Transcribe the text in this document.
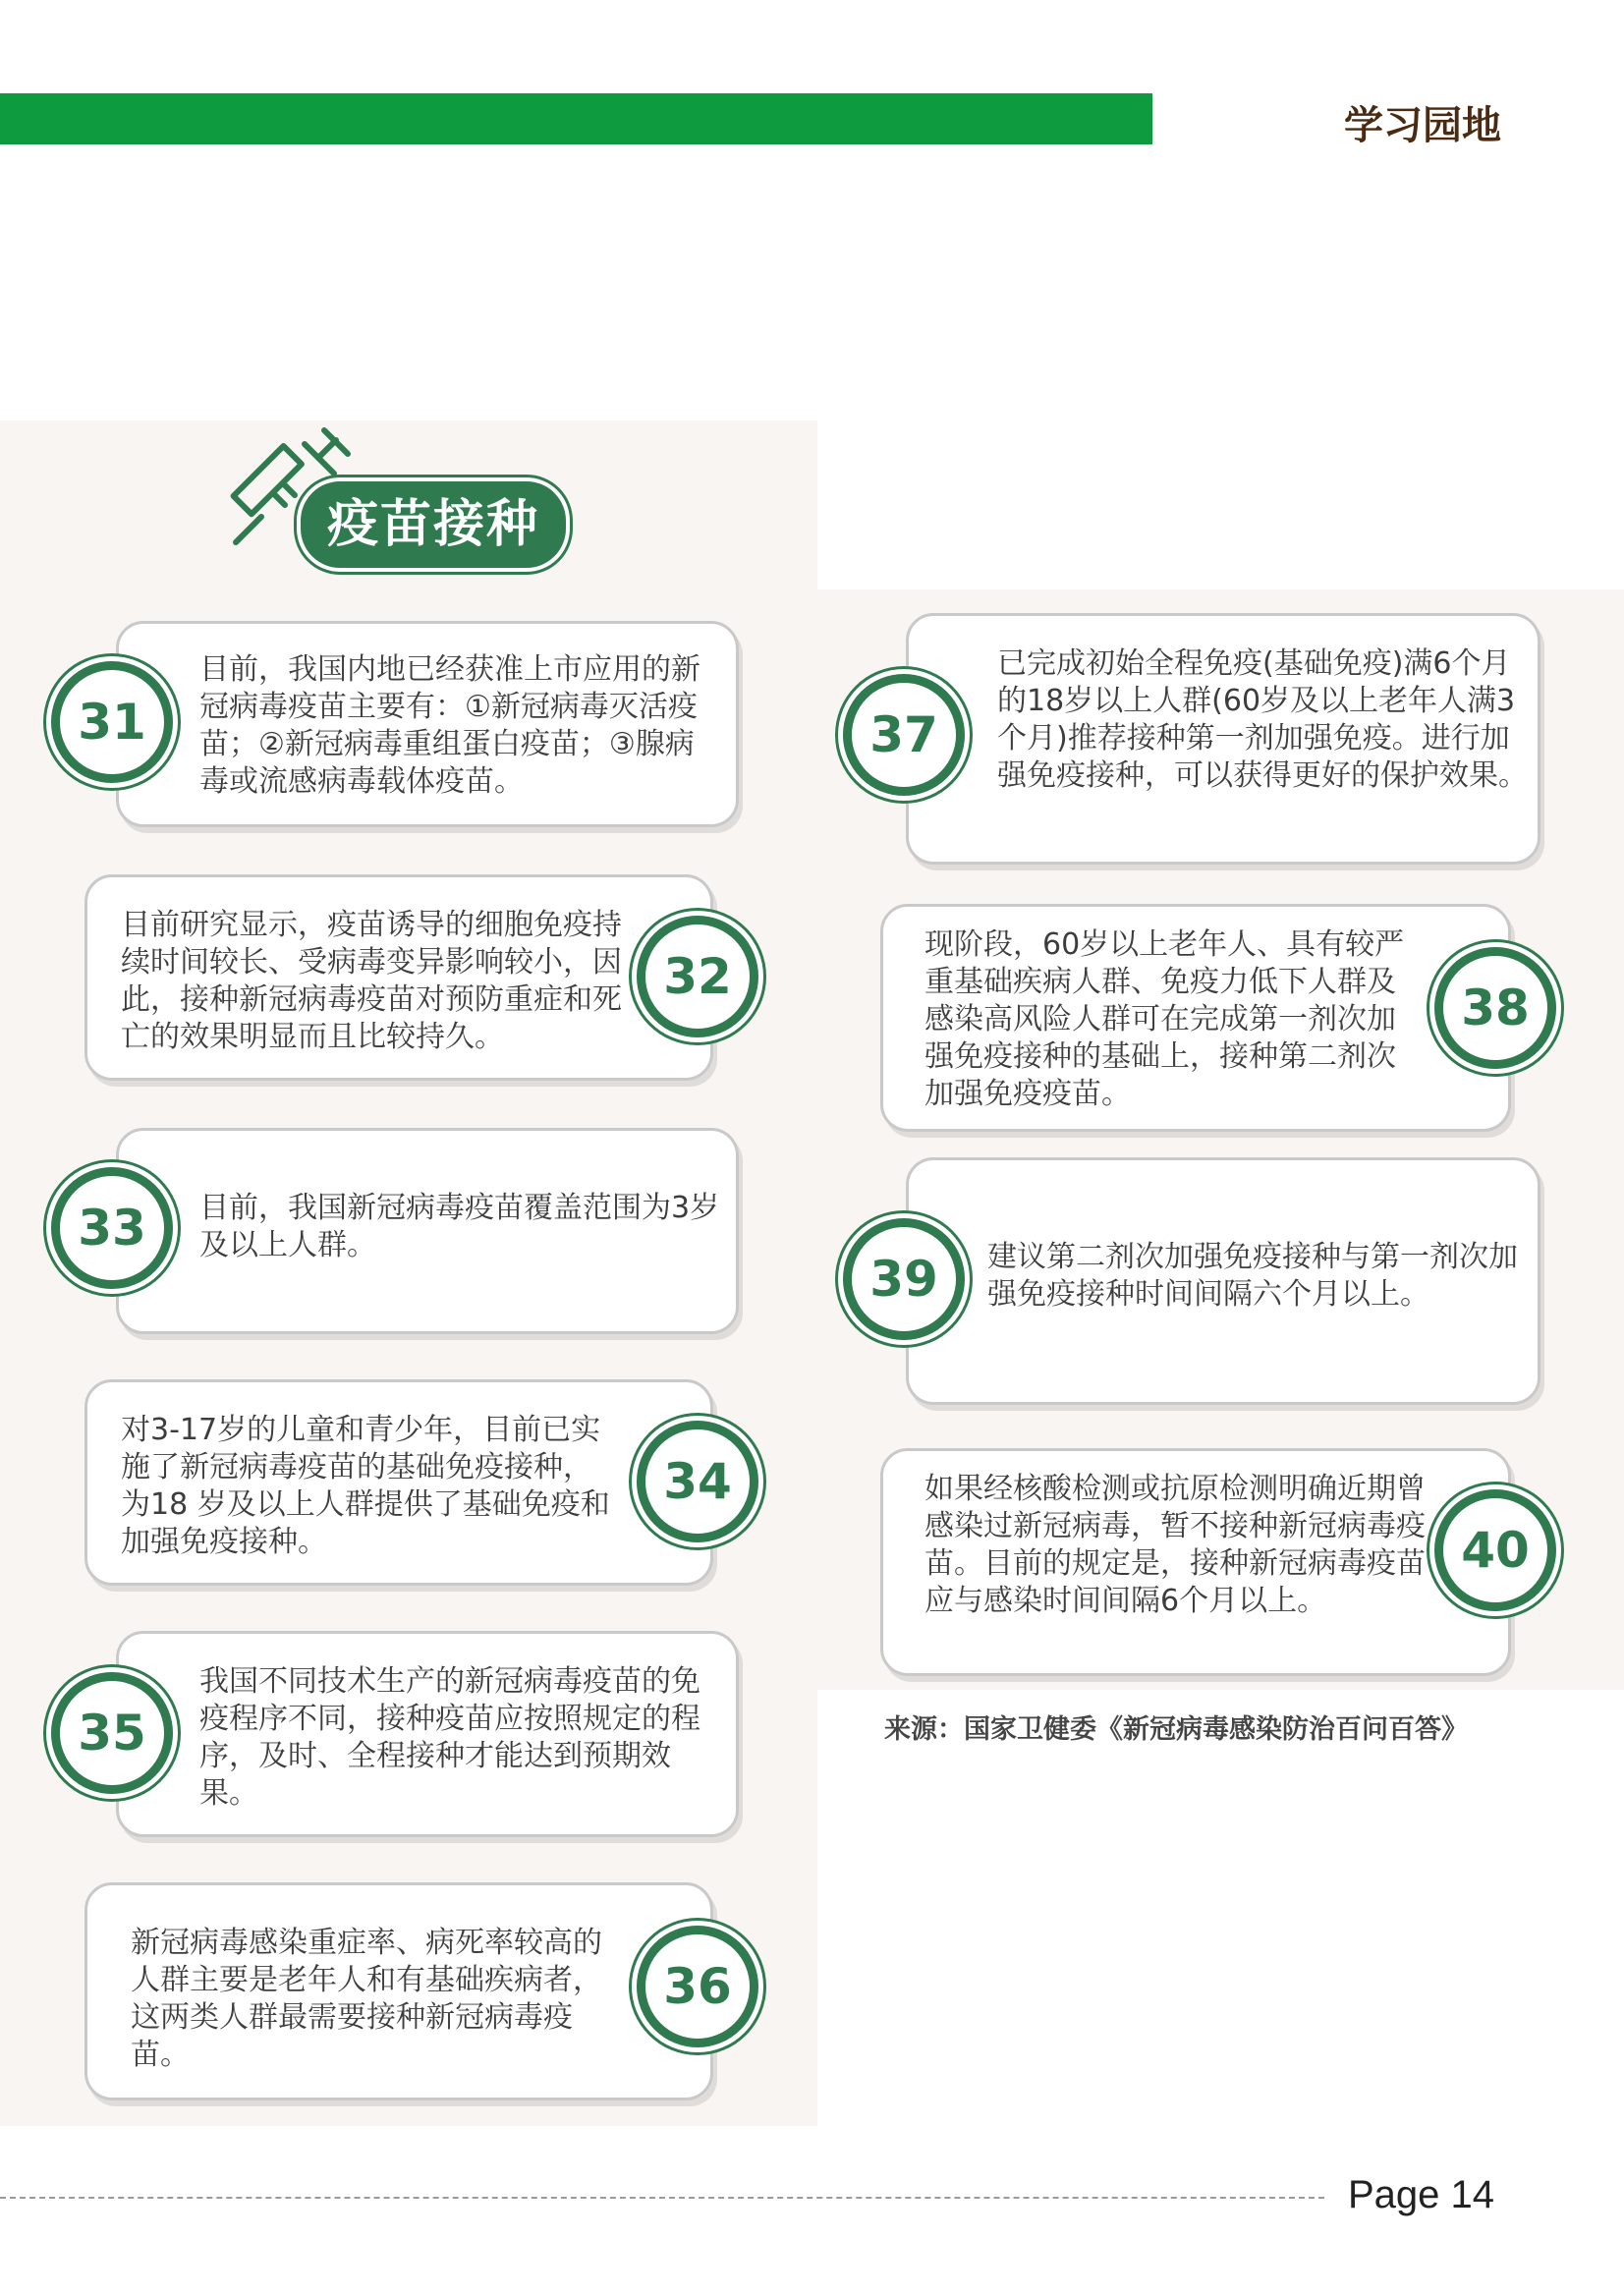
学习园地
疫苗接种
目前，我国内地已经获准上市应用的新冠病毒疫苗主要有：①新冠病毒灭活疫苗；②新冠病毒重组蛋白疫苗；③腺病毒或流感病毒载体疫苗。
31
目前研究显示，疫苗诱导的细胞免疫持续时间较长、受病毒变异影响较小，因此，接种新冠病毒疫苗对预防重症和死亡的效果明显而且比较持久。
32
目前，我国新冠病毒疫苗覆盖范围为3岁及以上人群。
33
对3-17岁的儿童和青少年，目前已实施了新冠病毒疫苗的基础免疫接种，为18 岁及以上人群提供了基础免疫和加强免疫接种。
34
我国不同技术生产的新冠病毒疫苗的免疫程序不同，接种疫苗应按照规定的程序，及时、全程接种才能达到预期效果。
35
新冠病毒感染重症率、病死率较高的人群主要是老年人和有基础疾病者，这两类人群最需要接种新冠病毒疫苗。
36
已完成初始全程免疫(基础免疫)满6个月的18岁以上人群(60岁及以上老年人满3个月)推荐接种第一剂加强免疫。进行加强免疫接种，可以获得更好的保护效果。
37
现阶段，60岁以上老年人、具有较严重基础疾病人群、免疫力低下人群及感染高风险人群可在完成第一剂次加强免疫接种的基础上，接种第二剂次加强免疫疫苗。
38
建议第二剂次加强免疫接种与第一剂次加强免疫接种时间间隔六个月以上。
39
如果经核酸检测或抗原检测明确近期曾感染过新冠病毒，暂不接种新冠病毒疫苗。目前的规定是，接种新冠病毒疫苗应与感染时间间隔6个月以上。
40
来源：国家卫健委《新冠病毒感染防治百问百答》
Page 14
